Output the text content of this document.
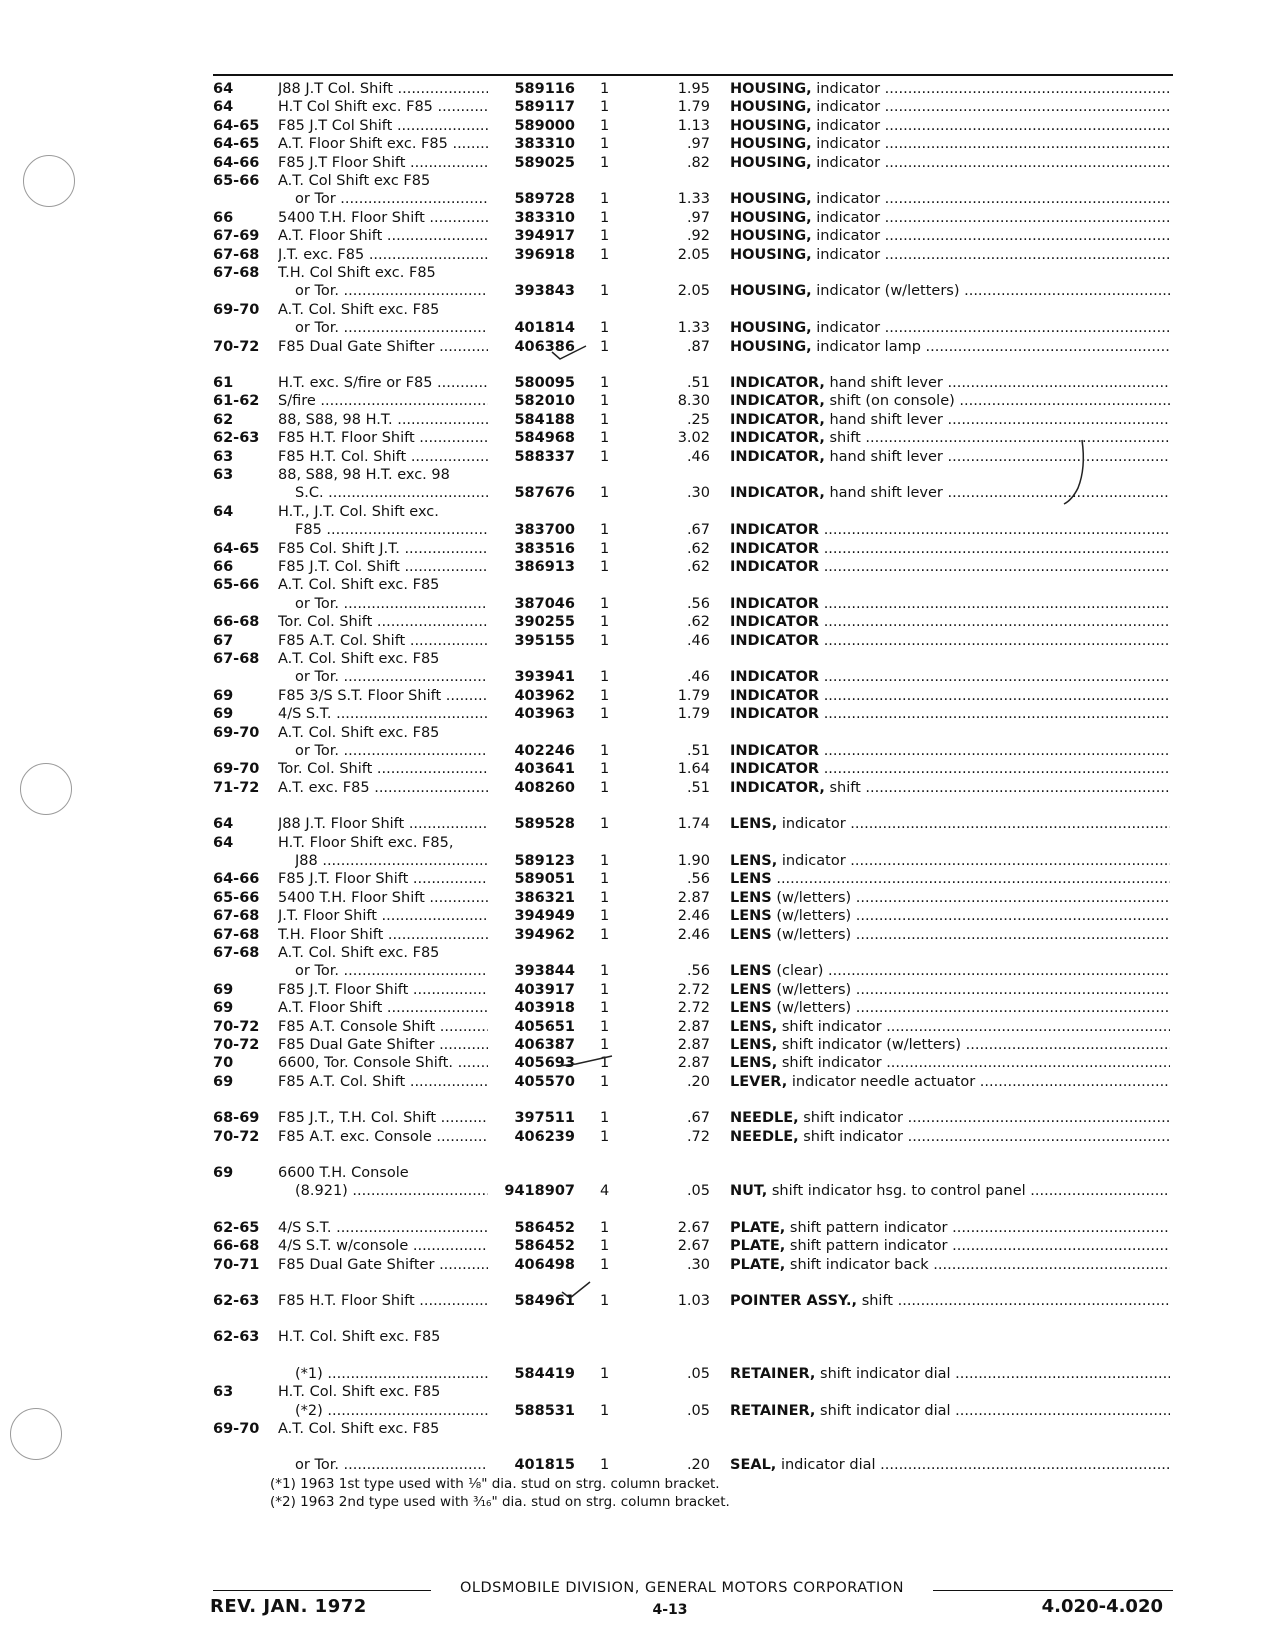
64	J88 J.T Col. Shift .....	589116 1	1.95 HOUSING, indicator .....
64	H.T Col Shift exc. F85 .....	589117 1	1.79 HOUSING, indicator .....
64-65 F85 J.T Col Shift .....	589000 1	1.13 HOUSING, indicator .....
64-65 A.T. Floor Shift exc. F85 .....	383310 1	.97 HOUSING, indicator .....
64-66 F85 J.T Floor Shift .....	589025 1	.82 HOUSING, indicator .....
65-66 A.T. Col Shift exc F85
or Tor .....	589728 1	1.33 HOUSING, indicator .....
66	5400 T.H. Floor Shift .....	383310 1	.97 HOUSING, indicator .....
67-69 A.T. Floor Shift .....	394917 1	.92 HOUSING, indicator .....
67-68 J.T. exc. F85 .....	396918 1	2.05 HOUSING, indicator .....
67-68 T.H. Col Shift exc. F85
or Tor. .....	393843 1	2.05 HOUSING, indicator (w/letters) .....
69-70 A.T. Col. Shift exc. F85
or Tor. .....	401814 1	1.33 HOUSING, indicator .....
70-72 F85 Dual Gate Shifter .....	406386 1	.87 HOUSING, indicator lamp .....
61	H.T. exc. S/fire or F85 .....	580095 1	.51 INDICATOR, hand shift lever .....
61-62 S/fire .....	582010 1	8.30 INDICATOR, shift (on console) .....
62	88, S88, 98 H.T. .....	584188 1	.25 INDICATOR, hand shift lever .....
62-63 F85 H.T. Floor Shift .....	584968 1	3.02 INDICATOR, shift .....
63	F85 H.T. Col. Shift .....	588337 1	.46 INDICATOR, hand shift lever .....
63	88, S88, 98 H.T. exc. 98
S.C. .....	587676 1	.30 INDICATOR, hand shift lever .....
64	H.T., J.T. Col. Shift exc.
F85 .....	383700 1	.67 INDICATOR .....
64-65 F85 Col. Shift J.T. .....	383516 1	.62 INDICATOR .....
66	F85 J.T. Col. Shift .....	386913 1	.62 INDICATOR .....
65-66 A.T. Col. Shift exc. F85
or Tor. .....	387046 1	.56 INDICATOR .....
66-68 Tor. Col. Shift .....	390255 1	.62 INDICATOR .....
67	F85 A.T. Col. Shift .....	395155 1	.46 INDICATOR .....
67-68 A.T. Col. Shift exc. F85
or Tor. .....	393941 1	.46 INDICATOR .....
69	F85 3/S S.T. Floor Shift .....	403962 1	1.79 INDICATOR .....
69	4/S S.T. .....	403963 1	1.79 INDICATOR .....
69-70 A.T. Col. Shift exc. F85
or Tor. .....	402246 1	.51 INDICATOR .....
69-70 Tor. Col. Shift .....	403641 1	1.64 INDICATOR .....
71-72 A.T. exc. F85 .....	408260 1	.51 INDICATOR, shift .....
64	J88 J.T. Floor Shift .....	589528 1	1.74 LENS, indicator .....
64	H.T. Floor Shift exc. F85,
J88 .....	589123 1	1.90 LENS, indicator .....
64-66 F85 J.T. Floor Shift .....	589051 1	.56 LENS .....
65-66 5400 T.H. Floor Shift .....	386321 1	2.87 LENS (w/letters) .....
67-68 J.T. Floor Shift .....	394949 1	2.46 LENS (w/letters) .....
67-68 T.H. Floor Shift .....	394962 1	2.46 LENS (w/letters) .....
67-68 A.T. Col. Shift exc. F85
or Tor. .....	393844 1	.56 LENS (clear) .....
69	F85 J.T. Floor Shift .....	403917 1	2.72 LENS (w/letters) .....
69	A.T. Floor Shift .....	403918 1	2.72 LENS (w/letters) .....
70-72 F85 A.T. Console Shift .....	405651 1	2.87 LENS, shift indicator .....
70-72 F85 Dual Gate Shifter .....	406387 1	2.87 LENS, shift indicator (w/letters) .....
70	6600, Tor. Console Shift. .....	405693 1	2.87 LENS, shift indicator .....
69	F85 A.T. Col. Shift .....	405570 1	.20 LEVER, indicator needle actuator .....
68-69 F85 J.T., T.H. Col. Shift .....	397511 1	.67 NEEDLE, shift indicator .....
70-72 F85 A.T. exc. Console .....	406239 1	.72 NEEDLE, shift indicator .....
69	6600 T.H. Console
(8.921) .....	9418907 4	.05 NUT, shift indicator hsg. to control panel .....
62-65 4/S S.T. .....	586452 1	2.67 PLATE, shift pattern indicator .....
66-68 4/S S.T. w/console .....	586452 1	2.67 PLATE, shift pattern indicator .....
70-71 F85 Dual Gate Shifter .....	406498 1	.30 PLATE, shift indicator back .....
62-63 F85 H.T. Floor Shift .....	584961 1	1.03 POINTER ASSY., shift .....
62-63 H.T. Col. Shift exc. F85
(*1) .....	584419 1	.05 RETAINER, shift indicator dial .....
63	H.T. Col. Shift exc. F85
(*2) .....	588531 1	.05 RETAINER, shift indicator dial .....
69-70 A.T. Col. Shift exc. F85
or Tor. .....	401815 1	.20 SEAL, indicator dial .....
(*1) 1963 1st type used with ⅛" dia. stud on strg. column bracket.
(*2) 1963 2nd type used with ³⁄₁₆" dia. stud on strg. column bracket.
OLDSMOBILE DIVISION, GENERAL MOTORS CORPORATION
REV. JAN. 1972	4-13	4.020-4.020
